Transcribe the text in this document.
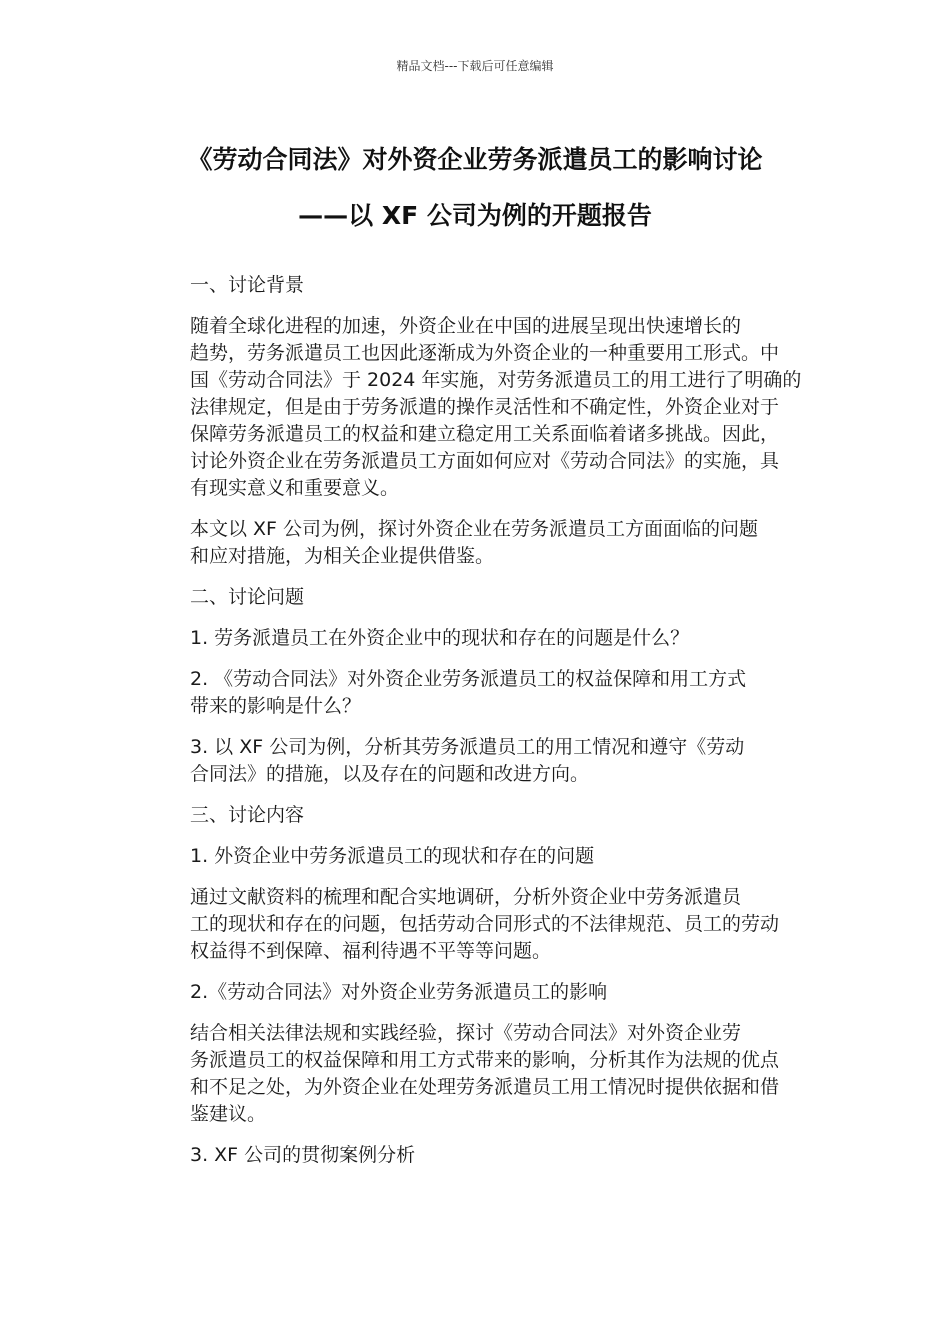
精品文档---下载后可任意编辑
《劳动合同法》对外资企业劳务派遣员工的影响讨论
——以 XF 公司为例的开题报告
一、讨论背景
随着全球化进程的加速，外资企业在中国的进展呈现出快速增长的
趋势，劳务派遣员工也因此逐渐成为外资企业的一种重要用工形式。中
国《劳动合同法》于 2024 年实施，对劳务派遣员工的用工进行了明确的
法律规定，但是由于劳务派遣的操作灵活性和不确定性，外资企业对于
保障劳务派遣员工的权益和建立稳定用工关系面临着诸多挑战。因此，
讨论外资企业在劳务派遣员工方面如何应对《劳动合同法》的实施，具
有现实意义和重要意义。
本文以 XF 公司为例，探讨外资企业在劳务派遣员工方面面临的问题
和应对措施，为相关企业提供借鉴。
二、讨论问题
1. 劳务派遣员工在外资企业中的现状和存在的问题是什么？
2. 《劳动合同法》对外资企业劳务派遣员工的权益保障和用工方式
带来的影响是什么？
3. 以 XF 公司为例，分析其劳务派遣员工的用工情况和遵守《劳动
合同法》的措施，以及存在的问题和改进方向。
三、讨论内容
1. 外资企业中劳务派遣员工的现状和存在的问题
通过文献资料的梳理和配合实地调研，分析外资企业中劳务派遣员
工的现状和存在的问题，包括劳动合同形式的不法律规范、员工的劳动
权益得不到保障、福利待遇不平等等问题。
2.《劳动合同法》对外资企业劳务派遣员工的影响
结合相关法律法规和实践经验，探讨《劳动合同法》对外资企业劳
务派遣员工的权益保障和用工方式带来的影响，分析其作为法规的优点
和不足之处，为外资企业在处理劳务派遣员工用工情况时提供依据和借
鉴建议。
3. XF 公司的贯彻案例分析
